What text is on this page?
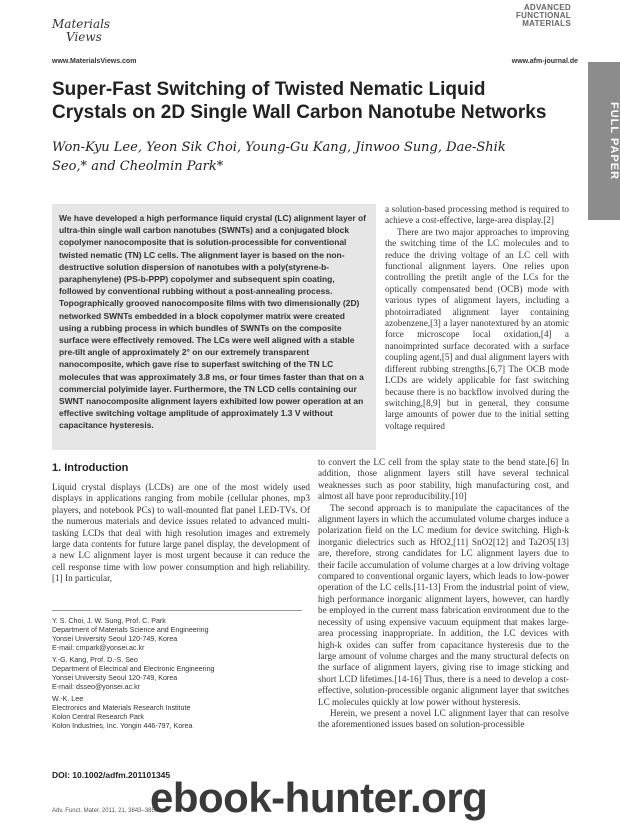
Materials
Views
www.MaterialsViews.com
ADVANCED
FUNCTIONAL
MATERIALS
www.afm-journal.de
FULL PAPER
Super-Fast Switching of Twisted Nematic Liquid Crystals on 2D Single Wall Carbon Nanotube Networks
Won-Kyu Lee, Yeon Sik Choi, Young-Gu Kang, Jinwoo Sung, Dae-Shik Seo,* and Cheolmin Park*
We have developed a high performance liquid crystal (LC) alignment layer of ultra-thin single wall carbon nanotubes (SWNTs) and a conjugated block copolymer nanocomposite that is solution-processible for conventional twisted nematic (TN) LC cells. The alignment layer is based on the non-destructive solution dispersion of nanotubes with a poly(styrene-b-paraphenylene) (PS-b-PPP) copolymer and subsequent spin coating, followed by conventional rubbing without a post-annealing process. Topographically grooved nanocomposite films with two dimensionally (2D) networked SWNTs embedded in a block copolymer matrix were created using a rubbing process in which bundles of SWNTs on the composite surface were effectively removed. The LCs were well aligned with a stable pre-tilt angle of approximately 2° on our extremely transparent nanocomposite, which gave rise to superfast switching of the TN LC molecules that was approximately 3.8 ms, or four times faster than that on a commercial polyimide layer. Furthermore, the TN LCD cells containing our SWNT nanocomposite alignment layers exhibited low power operation at an effective switching voltage amplitude of approximately 1.3 V without capacitance hysteresis.

a solution-based processing method is required to achieve a cost-effective, large-area display.[2]

There are two major approaches to improving the switching time of the LC molecules and to reduce the driving voltage of an LC cell with functional alignment layers. One relies upon controlling the pretilt angle of the LCs for the optically compensated bend (OCB) mode with various types of alignment layers, including a photoirradiated alignment layer containing azobenzene,[3] a layer nanotextured by an atomic force microscope local oxidation,[4] a nanoimprinted surface decorated with a surface coupling agent,[5] and dual alignment layers with different rubbing strengths.[6,7] The OCB mode LCDs are widely applicable for fast switching because there is no backflow involved during the switching,[8,9] but in general, they consume large amounts of power due to the initial setting voltage required

1. Introduction

Liquid crystal displays (LCDs) are one of the most widely used displays in applications ranging from mobile (cellular phones, mp3 players, and notebook PCs) to wall-mounted flat panel LED-TVs. Of the numerous materials and device issues related to advanced multi-tasking LCDs that deal with high resolution images and extremely large data contents for future large panel display, the development of a new LC alignment layer is most urgent because it can reduce the cell response time with low power consumption and high reliability.[1] In particular,

to convert the LC cell from the splay state to the bend state.[6] In addition, those alignment layers still have several technical weaknesses such as poor stability, high manufacturing cost, and almost all have poor reproducibility.[10]

The second approach is to manipulate the capacitances of the alignment layers in which the accumulated volume charges induce a polarization field on the LC medium for device switching. High-k inorganic dielectrics such as HfO2,[11] SnO2[12] and Ta2O5[13] are, therefore, strong candidates for LC alignment layers due to their facile accumulation of volume charges at a low driving voltage compared to conventional organic layers, which leads to low-power operation of the LC cells.[11-13] From the industrial point of view, high performance inorganic alignment layers, however, can hardly be employed in the current mass fabrication environment due to the necessity of using expensive vacuum equipment that makes large-area processing inappropriate. In addition, the LC devices with high-k oxides can suffer from capacitance hysteresis due to the large amount of volume charges and the many structural defects on the surface of alignment layers, giving rise to image sticking and short LCD lifetimes.[14-16] Thus, there is a need to develop a cost-effective, solution-processible organic alignment layer that switches LC molecules quickly at low power without hysteresis.

Herein, we present a novel LC alignment layer that can resolve the aforementioned issues based on solution-processible

Y. S. Choi, J. W. Sung, Prof. C. Park
Department of Materials Science and Engineering
Yonsei University Seoul 120-749, Korea
E-mail: cmpark@yonsei.ac.kr
Y.-G. Kang, Prof. D.-S. Seo
Department of Electrical and Electronic Engineering
Yonsei University Seoul 120-749, Korea
E-mail: dsseo@yonsei.ac.kr
W.-K. Lee
Electronics and Materials Research Institute
Kolon Central Research Park
Kolon Industries, Inc. Yongin 446-797, Korea
DOI: 10.1002/adfm.201101345
Adv. Funct. Mater. 2011, 21, 3843–3850
ebook-hunter.org
